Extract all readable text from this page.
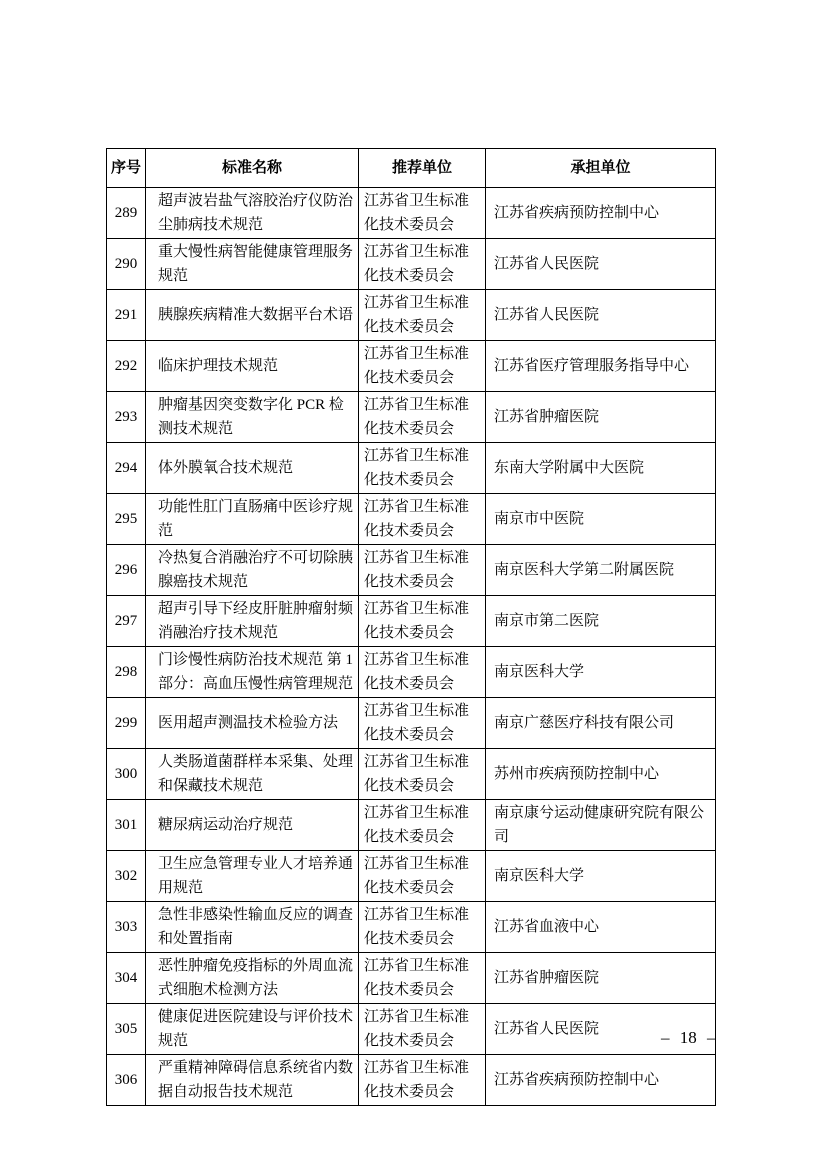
序号	标准名称	推荐单位	承担单位
289	超声波岩盐气溶胶治疗仪防治尘肺病技术规范	江苏省卫生标准化技术委员会	江苏省疾病预防控制中心
290	重大慢性病智能健康管理服务规范	江苏省卫生标准化技术委员会	江苏省人民医院
291	胰腺疾病精准大数据平台术语	江苏省卫生标准化技术委员会	江苏省人民医院
292	临床护理技术规范	江苏省卫生标准化技术委员会	江苏省医疗管理服务指导中心
293	肿瘤基因突变数字化 PCR 检测技术规范	江苏省卫生标准化技术委员会	江苏省肿瘤医院
294	体外膜氧合技术规范	江苏省卫生标准化技术委员会	东南大学附属中大医院
295	功能性肛门直肠痛中医诊疗规范	江苏省卫生标准化技术委员会	南京市中医院
296	冷热复合消融治疗不可切除胰腺癌技术规范	江苏省卫生标准化技术委员会	南京医科大学第二附属医院
297	超声引导下经皮肝脏肿瘤射频消融治疗技术规范	江苏省卫生标准化技术委员会	南京市第二医院
298	门诊慢性病防治技术规范 第 1 部分：高血压慢性病管理规范	江苏省卫生标准化技术委员会	南京医科大学
299	医用超声测温技术检验方法	江苏省卫生标准化技术委员会	南京广慈医疗科技有限公司
300	人类肠道菌群样本采集、处理和保藏技术规范	江苏省卫生标准化技术委员会	苏州市疾病预防控制中心
301	糖尿病运动治疗规范	江苏省卫生标准化技术委员会	南京康兮运动健康研究院有限公司
302	卫生应急管理专业人才培养通用规范	江苏省卫生标准化技术委员会	南京医科大学
303	急性非感染性输血反应的调查和处置指南	江苏省卫生标准化技术委员会	江苏省血液中心
304	恶性肿瘤免疫指标的外周血流式细胞术检测方法	江苏省卫生标准化技术委员会	江苏省肿瘤医院
305	健康促进医院建设与评价技术规范	江苏省卫生标准化技术委员会	江苏省人民医院
306	严重精神障碍信息系统省内数据自动报告技术规范	江苏省卫生标准化技术委员会	江苏省疾病预防控制中心
– 18 –
